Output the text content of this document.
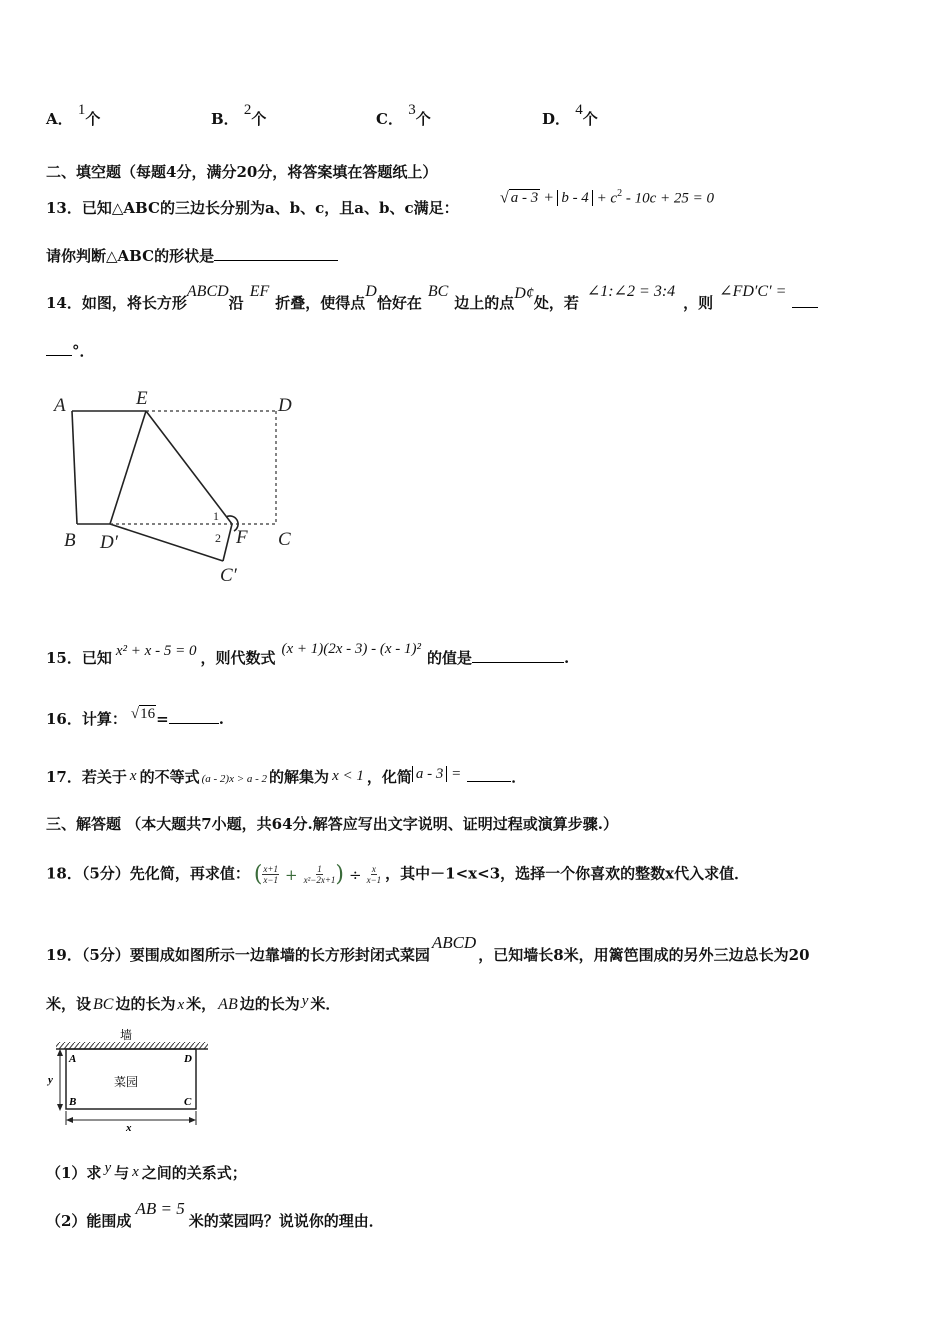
A． 1个	B． 2个	C． 3个	D． 4个
二、填空题（每题4分，满分20分，将答案填在答题纸上）
13．已知△ABC的三边长分别为a、b、c，且a、b、c满足：
√ $a - 3 + b - 4 + c^2 - 10c + 25 = 0$
请你判断△ABC的形状是
14．如图，将长方形ABCD沿EF折叠，使得点D恰好在BC边上的点D¢处，若∠1:∠2 = 3:4，则∠FD′C′ =
°．
A	E	D
B D′	F C
C′
1
2
15．已知 x² + x - 5 = 0 ，则代数式 (x + 1)(2x - 3) - (x - 1)² 的值是	.
16．计算： √16=	.
17．若关于 x 的不等式 (a - 2)x > a - 2 的解集为 x < 1 ，化简 a - 3 =	．
三、解答题 （本大题共7小题，共64分.解答应写出文字说明、证明过程或演算步骤.）
18．（5分）先化简，再求值： ( $\frac{x+1}{x-1} + \frac{1}{\text{x²−2x+1}}$ ) ÷ $\frac{x}{x-1}$ ，其中－1<x<3，选择一个你喜欢的整数x代入求值．
19．（5分）要围成如图所示一边靠墙的长方形封闭式菜园ABCD，已知墙长8米，用篱笆围成的另外三边总长为20
米，设 BC 边的长为 x 米， AB 边的长为 y 米．
墙
菜园
A	D
B	C
y
x
（1）求 y 与 x 之间的关系式；
（2）能围成AB = 5米的菜园吗？说说你的理由．
